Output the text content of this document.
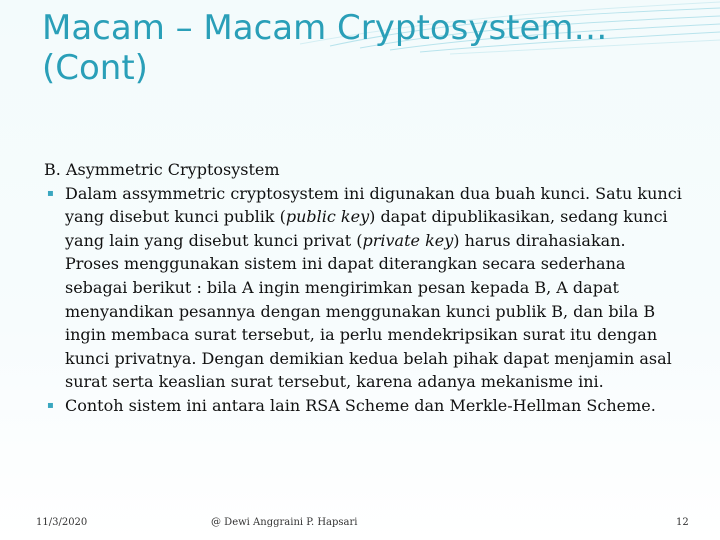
Macam – Macam Cryptosystem…
(Cont)

B. Asymmetric Cryptosystem

▪ Dalam assymmetric cryptosystem ini digunakan dua buah kunci. Satu kunci yang disebut kunci publik (public key) dapat dipublikasikan, sedang kunci yang lain yang disebut kunci privat (private key) harus dirahasiakan. Proses menggunakan sistem ini dapat diterangkan secara sederhana sebagai berikut : bila A ingin mengirimkan pesan kepada B, A dapat menyandikan pesannya dengan menggunakan kunci publik B, dan bila B ingin membaca surat tersebut, ia perlu mendekripsikan surat itu dengan kunci privatnya. Dengan demikian kedua belah pihak dapat menjamin asal surat serta keaslian surat tersebut, karena adanya mekanisme ini.
▪ Contoh sistem ini antara lain RSA Scheme dan Merkle-Hellman Scheme.
11/3/2020	@ Dewi Anggraini P. Hapsari	12
